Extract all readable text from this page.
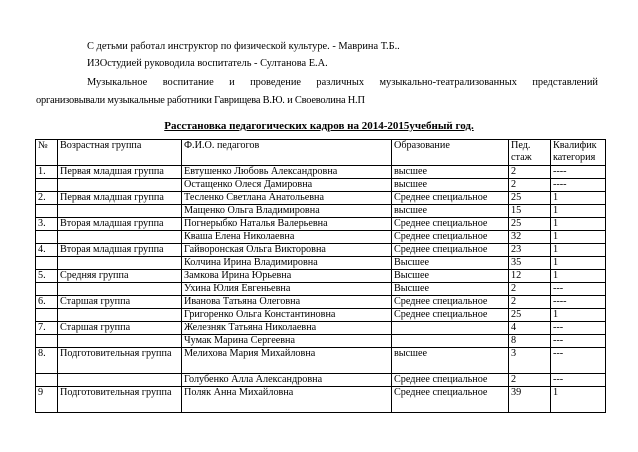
С детьми работал инструктор по физической культуре. - Маврина Т.Б..
ИЗОстудией руководила воспитатель - Султанова Е.А.
Музыкальное воспитание и проведение различных музыкально-театрализованных представлений
организовывали музыкальные работники Гаврищева В.Ю. и Своеволина Н.П
Расстановка педагогических кадров на 2014-2015учебный год.
№	Возрастная группа	Ф.И.О. педагогов	Образование	Пед. стаж	Квалифик категория
1.	Первая младшая группа	Евтушенко Любовь Александровна	высшее	2	----
		Остащенко Олеся Дамировна	высшее	2	----
2.	Первая младшая группа	Тесленко Светлана Анатольевна	Среднее специальное	25	1
		Мащенко Ольга Владимировна	высшее	15	1
3.	Вторая младшая группа	Погнерыбко Наталья Валерьевна	Среднее специальное	25	1
		Кваша Елена Николаевна	Среднее специальное	32	1
4.	Вторая младшая группа	Гайворонская Ольга Викторовна	Среднее специальное	23	1
		Колчина Ирина Владимировна	Высшее	35	1
5.	Средняя группа	Замкова Ирина Юрьевна	Высшее	12	1
		Ухина Юлия Евгеньевна	Высшее	2	---
6.	Старшая группа	Иванова Татьяна Олеговна	Среднее специальное	2	----
		Григоренко Ольга Константиновна	Среднее специальное	25	1
7.	Старшая группа	Железняк Татьяна Николаевна		4	---
		Чумак Марина Сергеевна		8	---
8.	Подготовительная группа	Мелихова Мария Михайловна	высшее	3	---
		Голубенко Алла Александровна	Среднее специальное	2	---
9	Подготовительная группа	Поляк Анна Михайловна	Среднее специальное	39	1
